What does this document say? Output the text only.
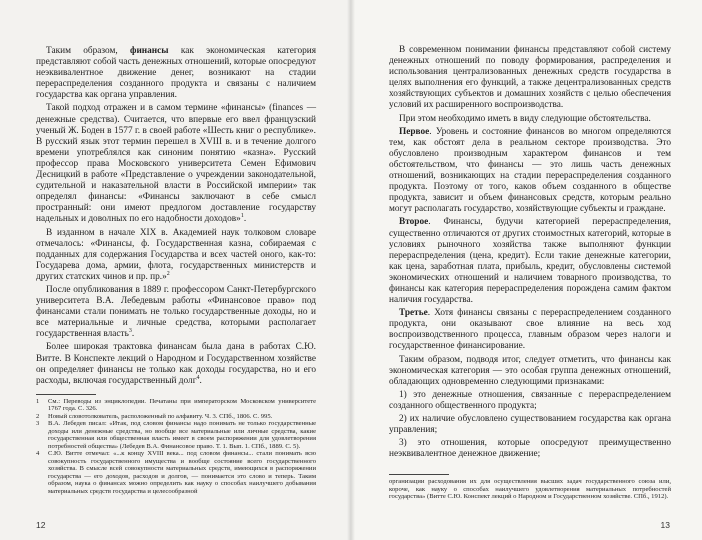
Таким образом, финансы как экономическая категория представляют собой часть денежных отношений, которые опосредуют неэквивалентное движение денег, возникают на стадии перераспределения созданного продукта и связаны с наличием государства как органа управления.

Такой подход отражен и в самом термине «финансы» (finances — денежные средства). Считается, что впервые его ввел французский ученый Ж. Боден в 1577 г. в своей работе «Шесть книг о республике». В русский язык этот термин перешел в XVIII в. и в течение долгого времени употреблялся как синоним понятию «казна». Русский профессор права Московского университета Семен Ефимович Десницкий в работе «Представление о учреждении законодательной, судительной и наказательной власти в Российской империи» так определял финансы: «Финансы заключают в себе смысл пространный: они имеют предлогом доставление государству надельных и доволных по его надобности доходов»$^1$.

В изданном в начале XIX в. Академией наук толковом словаре отмечалось: «Финансы, ф. Государственная казна, собираемая с подданных для содержания Государства и всех частей оного, как-то: Государева дома, армии, флота, государственных министерств и других статских чинов и пр. пр.»$^2$

После опубликования в 1889 г. профессором Санкт-Петербургского университета В.А. Лебедевым работы «Финансовое право» под финансами стали понимать не только государственные доходы, но и все материальные и личные средства, которыми располагает государственная власть$^3$.

Более широкая трактовка финансам была дана в работах С.Ю. Витте. В Конспекте лекций о Народном и Государственном хозяйстве он определяет финансы не только как доходы государства, но и его расходы, включая государственный долг$^4$.

1	См.: Переводы из энциклопедии. Печатаны при императорском Московском университете 1767 года. С. 326.

2	Новый словотолкователь, расположенный по алфавиту. Ч. 3. СПб., 1806. С. 995.

3	В.А. Лебедев писал: «Итак, под словом финансы надо понимать не только государственные доходы или денежные средства, но вообще все материальные или личные средства, какие государственная или общественная власть имеет в своем распоряжении для удовлетворения потребностей общества» (Лебедев В.А. Финансовое право. Т. 1. Вып. 1. СПб., 1889. С. 5).

4	С.Ю. Витте отмечал: «...к концу XVIII века... под словом финансы... стали понимать всю совокупность государственного имущества и вообще состояние всего государственного хозяйства. В смысле всей совокупности материальных средств, имеющихся в распоряжении государства — его доходов, расходов и долгов, — понимается это слово и теперь. Таким образом, наука о финансах можно определить как науку о способах наилучшего добывания материальных средств государства и целесообразной

12

В современном понимании финансы представляют собой систему денежных отношений по поводу формирования, распределения и использования централизованных денежных средств государства в целях выполнения его функций, а также децентрализованных средств хозяйствующих субъектов и домашних хозяйств с целью обеспечения условий их расширенного воспроизводства.

При этом необходимо иметь в виду следующие обстоятельства.

Первое. Уровень и состояние финансов во многом определяются тем, как обстоят дела в реальном секторе производства. Это обусловлено производным характером финансов и тем обстоятельством, что финансы — это лишь часть денежных отношений, возникающих на стадии перераспределения созданного продукта. Поэтому от того, каков объем созданного в обществе продукта, зависит и объем финансовых средств, которым реально могут располагать государство, хозяйствующие субъекты и граждане.

Второе. Финансы, будучи категорией перераспределения, существенно отличаются от других стоимостных категорий, которые в условиях рыночного хозяйства также выполняют функции перераспределения (цена, кредит). Если такие денежные категории, как цена, заработная плата, прибыль, кредит, обусловлены системой экономических отношений и наличием товарного производства, то финансы как категория перераспределения порождена самим фактом наличия государства.

Третье. Хотя финансы связаны с перераспределением созданного продукта, они оказывают свое влияние на весь ход воспроизводственного процесса, главным образом через налоги и государственное финансирование.

Таким образом, подводя итог, следует отметить, что финансы как экономическая категория — это особая группа денежных отношений, обладающих одновременно следующими признаками:

1) это денежные отношения, связанные с перераспределением созданного общественного продукта;

2) их наличие обусловлено существованием государства как органа управления;

3) это отношения, которые опосредуют преимущественно неэквивалентное денежное движение;

организации расходования их для осуществления высших задач государственного союза или, короче, как науку о способах наилучшего удовлетворения материальных потребностей государства» (Витте С.Ю. Конспект лекций о Народном и Государственном хозяйстве. СПб., 1912).

13
